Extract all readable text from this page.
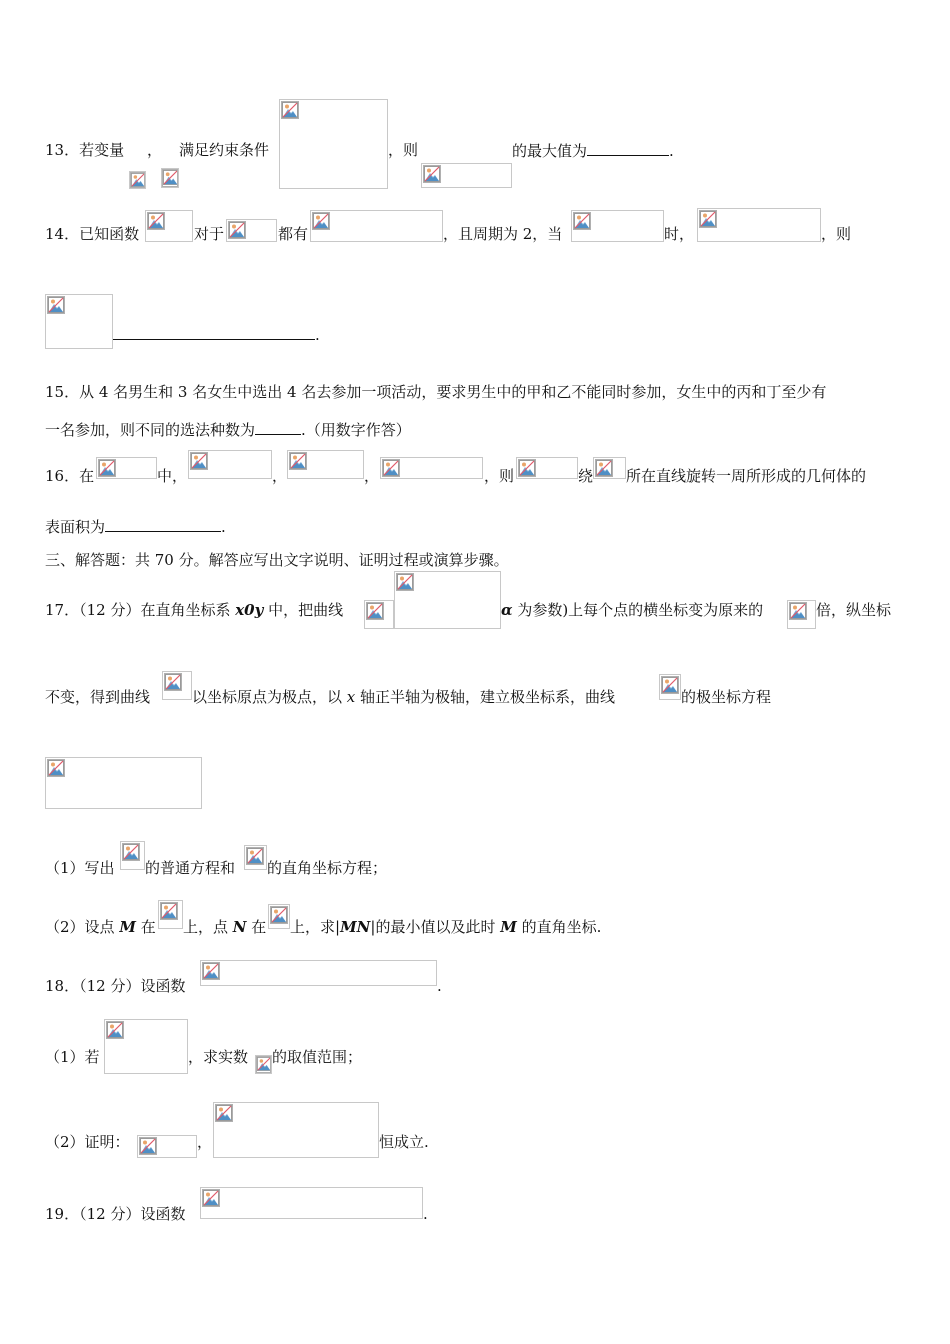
13．若变量 ， 满足约束条件	，则	的最大值为	.
14．已知函数	对于	都有	，且周期为 2，当	时，	，则
.
15．从 4 名男生和 3 名女生中选出 4 名去参加一项活动，要求男生中的甲和乙不能同时参加，女生中的丙和丁至少有
一名参加，则不同的选法种数为	.（用数字作答）
16．在	中，	，	，	，则	绕 所在直线旋转一周所形成的几何体的
表面积为	.
三、解答题：共 70 分。解答应写出文字说明、证明过程或演算步骤。
17．（12 分）在直角坐标系 x0y 中，把曲线	α 为参数)上每个点的横坐标变为原来的	倍，纵坐标
不变，得到曲线	以坐标原点为极点，以 x 轴正半轴为极轴，建立极坐标系，曲线	的极坐标方程
（1）写出 的普通方程和 的直角坐标方程；
（2）设点 M 在 上，点 N 在 上，求|MN|的最小值以及此时 M 的直角坐标.
18．（12 分）设函数	.
（1）若	，求实数 的取值范围；
（2）证明：	，	恒成立.
19．（12 分）设函数	.
